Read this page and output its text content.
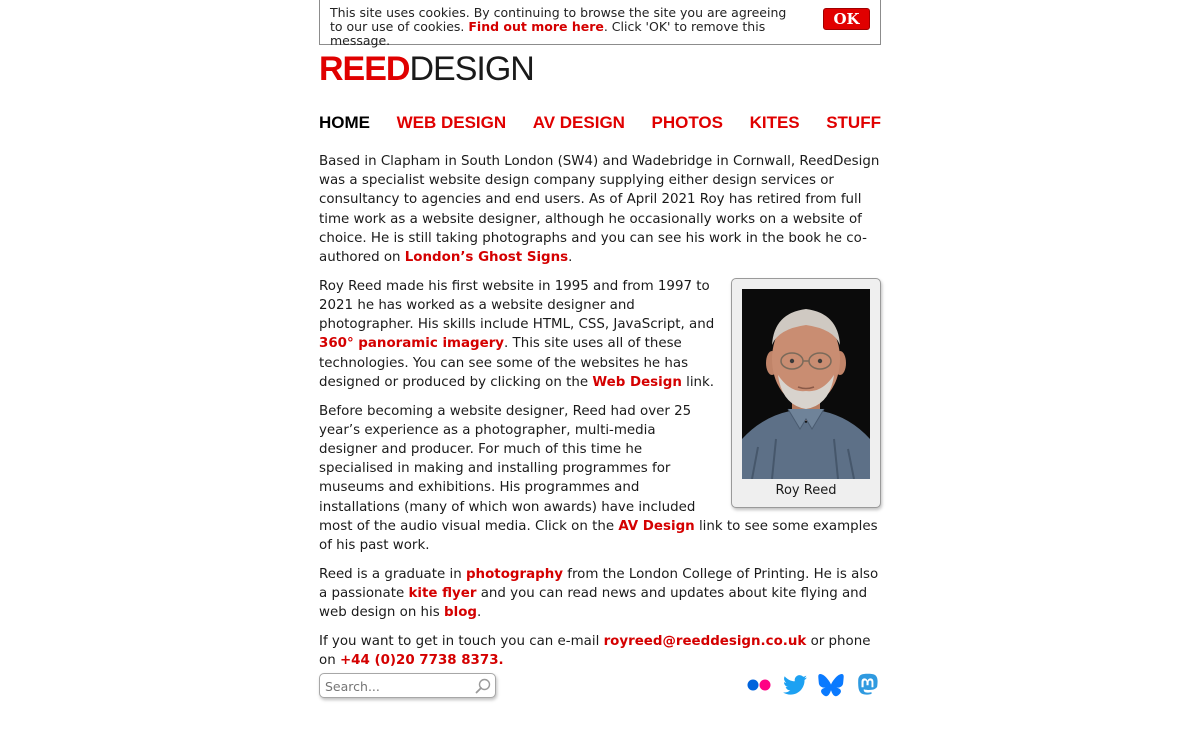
This site uses cookies. By continuing to browse the site you are agreeing to our use of cookies. Find out more here. Click 'OK' to remove this message.
OK
REEDDESIGN
HOME WEB DESIGN AV DESIGN PHOTOS KITES STUFF

Based in Clapham in South London (SW4) and Wadebridge in Cornwall, ReedDesign was a specialist website design company supplying either design services or consultancy to agencies and end users. As of April 2021 Roy has retired from full time work as a website designer, although he occasionally works on a website of choice. He is still taking photographs and you can see his work in the book he co-authored on London’s Ghost Signs.

Roy Reed

Roy Reed made his first website in 1995 and from 1997 to 2021 he has worked as a website designer and photographer. His skills include HTML, CSS, JavaScript, and 360° panoramic imagery. This site uses all of these technologies. You can see some of the websites he has designed or produced by clicking on the Web Design link.

Before becoming a website designer, Reed had over 25 year’s experience as a photographer, multi-media designer and producer. For much of this time he specialised in making and installing programmes for museums and exhibitions. His programmes and installations (many of which won awards) have included most of the audio visual media. Click on the AV Design link to see some examples of his past work.

Reed is a graduate in photography from the London College of Printing. He is also a passionate kite flyer and you can read news and updates about kite flying and web design on his blog.

If you want to get in touch you can e-mail royreed@reeddesign.co.uk or phone on +44 (0)20 7738 8373.

Search...
